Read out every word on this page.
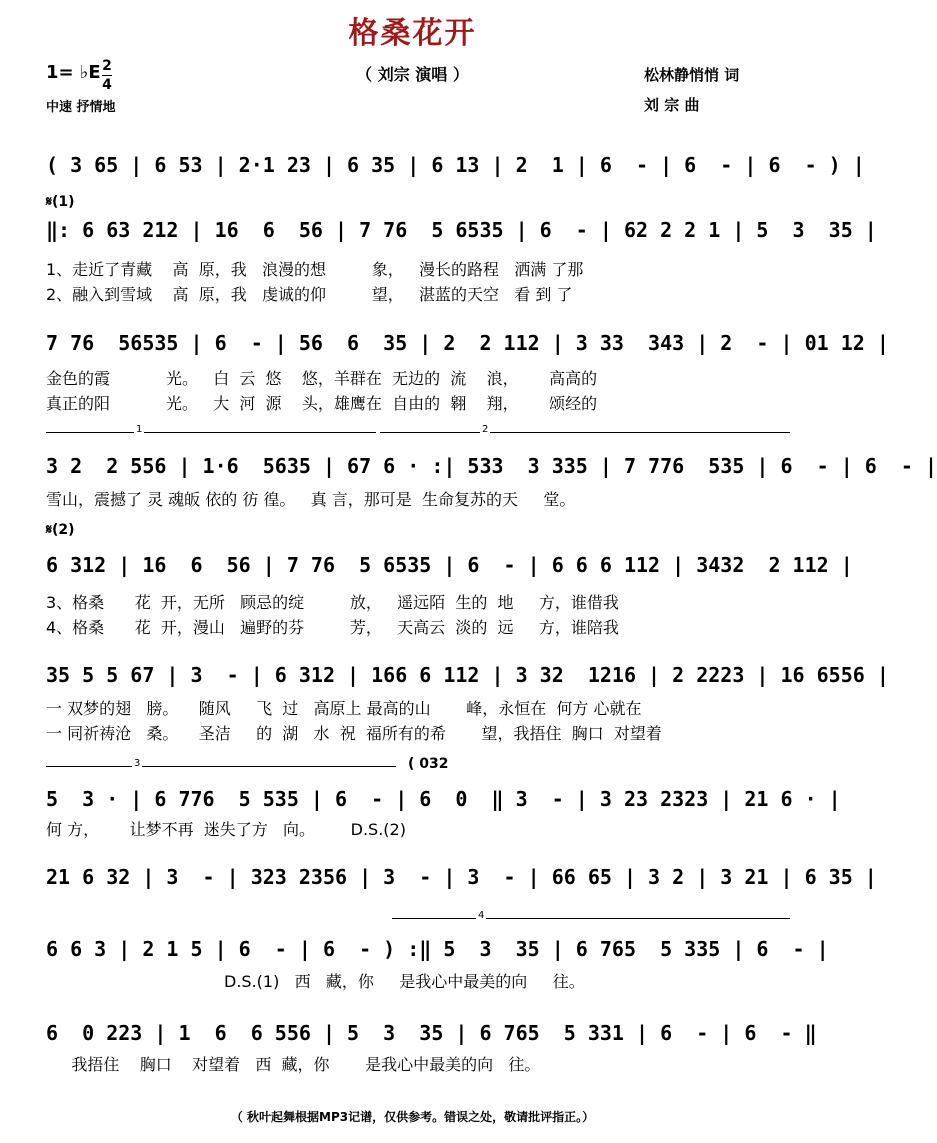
格桑花开
（ 刘宗 演唱 ）
1= ♭E 2
4
中速 抒情地
松林静悄悄 词
刘 宗 曲
( 3 65 | 6 53 | 2·1 23 | 6 35 | 6 13 | 2  1 | 6  - | 6  - | 6  - ) |
𝄋(1)
‖: 6 63 212 | 16  6  56 | 7 76  5 6535 | 6  - | 62 2 2 1 | 5  3  35 |
1、走近了青藏    高  原，我   浪漫的想         象，   漫长的路程   洒满 了那
2、融入到雪域    高  原，我   虔诚的仰         望，   湛蓝的天空   看 到 了
7 76  56535 | 6  - | 56  6  35 | 2  2 112 | 3 33  343 | 2  - | 01 12 |
金色的霞           光。   白  云  悠    悠，羊群在  无边的  流    浪，      高高的
真正的阳           光。   大  河  源    头，雄鹰在  自由的  翱    翔，      颂经的
1	2
3 2  2 556 | 1·6  5635 | 67 6 · :| 533  3 335 | 7 776  535 | 6  - | 6  - |
雪山，震撼了 灵 魂皈 依的 彷 徨。   真 言，那可是  生命复苏的天     堂。
𝄋(2)
6 312 | 16  6  56 | 7 76  5 6535 | 6  - | 6 6 6 112 | 3432  2 112 |
3、格桑      花  开，无所   顾忌的绽         放，   遥远陌  生的  地     方，谁借我
4、格桑      花  开，漫山   遍野的芬         芳，   天高云  淡的  远     方，谁陪我
35 5 5 67 | 3  - | 6 312 | 166 6 112 | 3 32  1216 | 2 2223 | 16 6556 |
一 双梦的翅   膀。    随风     飞  过   高原上 最高的山       峰，永恒在  何方 心就在
一 同祈祷沧   桑。    圣洁     的  湖   水  祝  福所有的希       望，我捂住  胸口  对望着
3	( 032
5  3 · | 6 776  5 535 | 6  - | 6  0  ‖ 3  - | 3 23 2323 | 21 6 · |
何 方，      让梦不再  迷失了方   向。       D.S.(2)
21 6 32 | 3  - | 323 2356 | 3  - | 3  - | 66 65 | 3 2 | 3 21 | 6 35 |
4
6 6 3 | 2 1 5 | 6  - | 6  - ) :‖ 5  3  35 | 6 765  5 335 | 6  - |
D.S.(1)   西   藏，你     是我心中最美的向     往。
6  0 223 | 1  6  6 556 | 5  3  35 | 6 765  5 331 | 6  - | 6  - ‖
我捂住    胸口    对望着   西  藏，你       是我心中最美的向   往。
（ 秋叶起舞根据MP3记谱，仅供参考。错误之处，敬请批评指正。）
